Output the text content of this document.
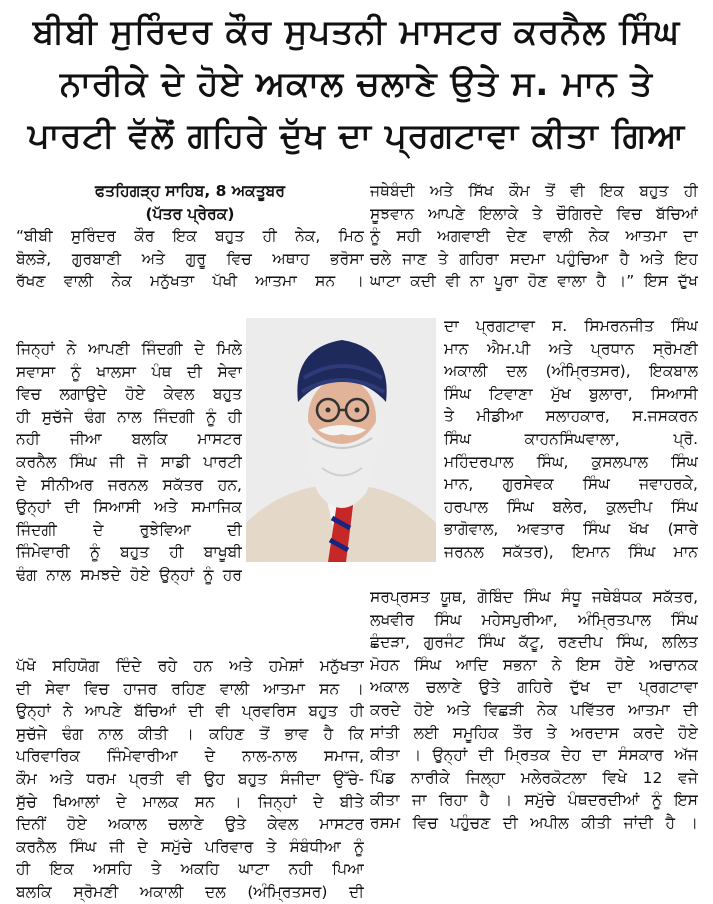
ਬੀਬੀ ਸੁਰਿੰਦਰ ਕੌਰ ਸੁਪਤਨੀ ਮਾਸਟਰ ਕਰਨੈਲ ਸਿੰਘ
ਨਾਰੀਕੇ ਦੇ ਹੋਏ ਅਕਾਲ ਚਲਾਣੇ ਉਤੇ ਸ. ਮਾਨ ਤੇ
ਪਾਰਟੀ ਵੱਲੋਂ ਗਹਿਰੇ ਦੁੱਖ ਦਾ ਪ੍ਰਗਟਾਵਾ ਕੀਤਾ ਗਿਆ

ਫਤਹਿਗੜ੍ਹ ਸਾਹਿਬ, 8 ਅਕਤੂਬਰ

(ਪੱਤਰ ਪ੍ਰੇਰਕ)

“ਬੀਬੀ ਸੁਰਿੰਦਰ ਕੌਰ ਇਕ ਬਹੁਤ ਹੀ ਨੇਕ, ਮਿਠ

ਬੋਲੜੇ, ਗੁਰਬਾਣੀ ਅਤੇ ਗੁਰੂ ਵਿਚ ਅਥਾਹ ਭਰੋਸਾ

ਰੱਖਣ ਵਾਲੀ ਨੇਕ ਮਨੁੱਖਤਾ ਪੱਖੀ ਆਤਮਾ ਸਨ ।

ਜਿਨ੍ਹਾਂ ਨੇ ਆਪਣੀ ਜਿੰਦਗੀ ਦੇ ਮਿਲੇ

ਸਵਾਸਾ ਨੂੰ ਖਾਲਸਾ ਪੰਥ ਦੀ ਸੇਵਾ

ਵਿਚ ਲਗਾਉਦੇ ਹੋਏ ਕੇਵਲ ਬਹੁਤ

ਹੀ ਸੁਚੱਜੇ ਢੰਗ ਨਾਲ ਜਿੰਦਗੀ ਨੂੰ ਹੀ

ਨਹੀ ਜੀਆ ਬਲਕਿ ਮਾਸਟਰ

ਕਰਨੈਲ ਸਿੰਘ ਜੀ ਜੋ ਸਾਡੀ ਪਾਰਟੀ

ਦੇ ਸੀਨੀਅਰ ਜਰਨਲ ਸਕੱਤਰ ਹਨ,

ਉਨ੍ਹਾਂ ਦੀ ਸਿਆਸੀ ਅਤੇ ਸਮਾਜਿਕ

ਜਿੰਦਗੀ ਦੇ ਰੁਝੇਵਿਆ ਦੀ

ਜਿੰਮੇਵਾਰੀ ਨੂੰ ਬਹੁਤ ਹੀ ਬਾਖੂਬੀ

ਢੰਗ ਨਾਲ ਸਮਝਦੇ ਹੋਏ ਉਨ੍ਹਾਂ ਨੂੰ ਹਰ

ਪੱਖੋ ਸਹਿਯੋਗ ਦਿੰਦੇ ਰਹੇ ਹਨ ਅਤੇ ਹਮੇਸ਼ਾਂ ਮਨੁੱਖਤਾ

ਦੀ ਸੇਵਾ ਵਿਚ ਹਾਜਰ ਰਹਿਣ ਵਾਲੀ ਆਤਮਾ ਸਨ ।

ਉਨ੍ਹਾਂ ਨੇ ਆਪਣੇ ਬੱਚਿਆਂ ਦੀ ਵੀ ਪ੍ਰਵਰਿਸ ਬਹੁਤ ਹੀ

ਸੁਚੱਜੇ ਢੰਗ ਨਾਲ ਕੀਤੀ । ਕਹਿਣ ਤੋਂ ਭਾਵ ਹੈ ਕਿ

ਪਰਿਵਾਰਿਕ ਜਿੰਮੇਵਾਰੀਆ ਦੇ ਨਾਲ-ਨਾਲ ਸਮਾਜ,

ਕੌਮ ਅਤੇ ਧਰਮ ਪ੍ਰਤੀ ਵੀ ਉਹ ਬਹੁਤ ਸੰਜੀਦਾ ਉੱਚੇ-

ਸੁੱਚੇ ਖਿਆਲਾਂ ਦੇ ਮਾਲਕ ਸਨ । ਜਿਨ੍ਹਾਂ ਦੇ ਬੀਤੇ

ਦਿਨੀਂ ਹੋਏ ਅਕਾਲ ਚਲਾਣੇ ਉਤੇ ਕੇਵਲ ਮਾਸਟਰ

ਕਰਨੈਲ ਸਿੰਘ ਜੀ ਦੇ ਸਮੁੱਚੇ ਪਰਿਵਾਰ ਤੇ ਸੰਬੰਧੀਆ ਨੂੰ

ਹੀ ਇਕ ਅਸਹਿ ਤੇ ਅਕਹਿ ਘਾਟਾ ਨਹੀ ਪਿਆ

ਬਲਕਿ ਸ੍ਰੋਮਣੀ ਅਕਾਲੀ ਦਲ (ਅੰਮ੍ਰਿਤਸਰ) ਦੀ

ਜਥੇਬੰਦੀ ਅਤੇ ਸਿੱਖ ਕੌਮ ਤੋਂ ਵੀ ਇਕ ਬਹੁਤ ਹੀ

ਸੂਝਵਾਨ ਆਪਣੇ ਇਲਾਕੇ ਤੇ ਚੌਗਿਰਦੇ ਵਿਚ ਬੱਚਿਆਂ

ਨੂੰ ਸਹੀ ਅਗਵਾਈ ਦੇਣ ਵਾਲੀ ਨੇਕ ਆਤਮਾ ਦਾ

ਚਲੇ ਜਾਣ ਤੇ ਗਹਿਰਾ ਸਦਮਾ ਪਹੁੰਚਿਆ ਹੈ ਅਤੇ ਇਹ

ਘਾਟਾ ਕਦੀ ਵੀ ਨਾ ਪੂਰਾ ਹੋਣ ਵਾਲਾ ਹੈ ।” ਇਸ ਦੁੱਖ

ਦਾ ਪ੍ਰਗਟਾਵਾ ਸ. ਸਿਮਰਨਜੀਤ ਸਿੰਘ

ਮਾਨ ਐਮ.ਪੀ ਅਤੇ ਪ੍ਰਧਾਨ ਸ੍ਰੋਮਣੀ

ਅਕਾਲੀ ਦਲ (ਅੰਮ੍ਰਿਤਸਰ), ਇਕਬਾਲ

ਸਿੰਘ ਟਿਵਾਣਾ ਮੁੱਖ ਬੁਲਾਰਾ, ਸਿਆਸੀ

ਤੇ ਮੀਡੀਆ ਸਲਾਹਕਾਰ, ਸ.ਜਸਕਰਨ

ਸਿੰਘ ਕਾਹਨਸਿੰਘਵਾਲਾ, ਪ੍ਰੋ.

ਮਹਿੰਦਰਪਾਲ ਸਿੰਘ, ਕੁਸਲਪਾਲ ਸਿੰਘ

ਮਾਨ, ਗੁਰਸੇਵਕ ਸਿੰਘ ਜਵਾਹਰਕੇ,

ਹਰਪਾਲ ਸਿੰਘ ਬਲੇਰ, ਕੁਲਦੀਪ ਸਿੰਘ

ਭਾਗੋਵਾਲ, ਅਵਤਾਰ ਸਿੰਘ ਖੱਖ (ਸਾਰੇ

ਜਰਨਲ ਸਕੱਤਰ), ਇਮਾਨ ਸਿੰਘ ਮਾਨ

ਸਰਪ੍ਰਸਤ ਯੂਥ, ਗੋਬਿੰਦ ਸਿੰਘ ਸੰਧੂ ਜਥੇਬੰਧਕ ਸਕੱਤਰ,

ਲਖਵੀਰ ਸਿੰਘ ਮਹੇਸਪੁਰੀਆ, ਅੰਮ੍ਰਿਤਪਾਲ ਸਿੰਘ

ਛੰਦੜਾ, ਗੁਰਜੰਟ ਸਿੰਘ ਕੱਟੂ, ਰਣਦੀਪ ਸਿੰਘ, ਲਲਿਤ

ਮੋਹਨ ਸਿੰਘ ਆਦਿ ਸਭਨਾ ਨੇ ਇਸ ਹੋਏ ਅਚਾਨਕ

ਅਕਾਲ ਚਲਾਣੇ ਉਤੇ ਗਹਿਰੇ ਦੁੱਖ ਦਾ ਪ੍ਰਗਟਾਵਾ

ਕਰਦੇ ਹੋਏ ਅਤੇ ਵਿਛੜੀ ਨੇਕ ਪਵਿੱਤਰ ਆਤਮਾ ਦੀ

ਸਾਂਤੀ ਲਈ ਸਮੂਹਿਕ ਤੌਰ ਤੇ ਅਰਦਾਸ ਕਰਦੇ ਹੋਏ

ਕੀਤਾ । ਉਨ੍ਹਾਂ ਦੀ ਮ੍ਰਿਤਕ ਦੇਹ ਦਾ ਸੰਸਕਾਰ ਅੱਜ

ਪਿੰਡ ਨਾਰੀਕੇ ਜਿਲ੍ਹਾ ਮਲੇਰਕੋਟਲਾ ਵਿਖੇ 12 ਵਜੇ

ਕੀਤਾ ਜਾ ਰਿਹਾ ਹੈ । ਸਮੁੱਚੇ ਪੰਥਦਰਦੀਆਂ ਨੂੰ ਇਸ

ਰਸਮ ਵਿਚ ਪਹੁੰਚਣ ਦੀ ਅਪੀਲ ਕੀਤੀ ਜਾਂਦੀ ਹੈ ।
